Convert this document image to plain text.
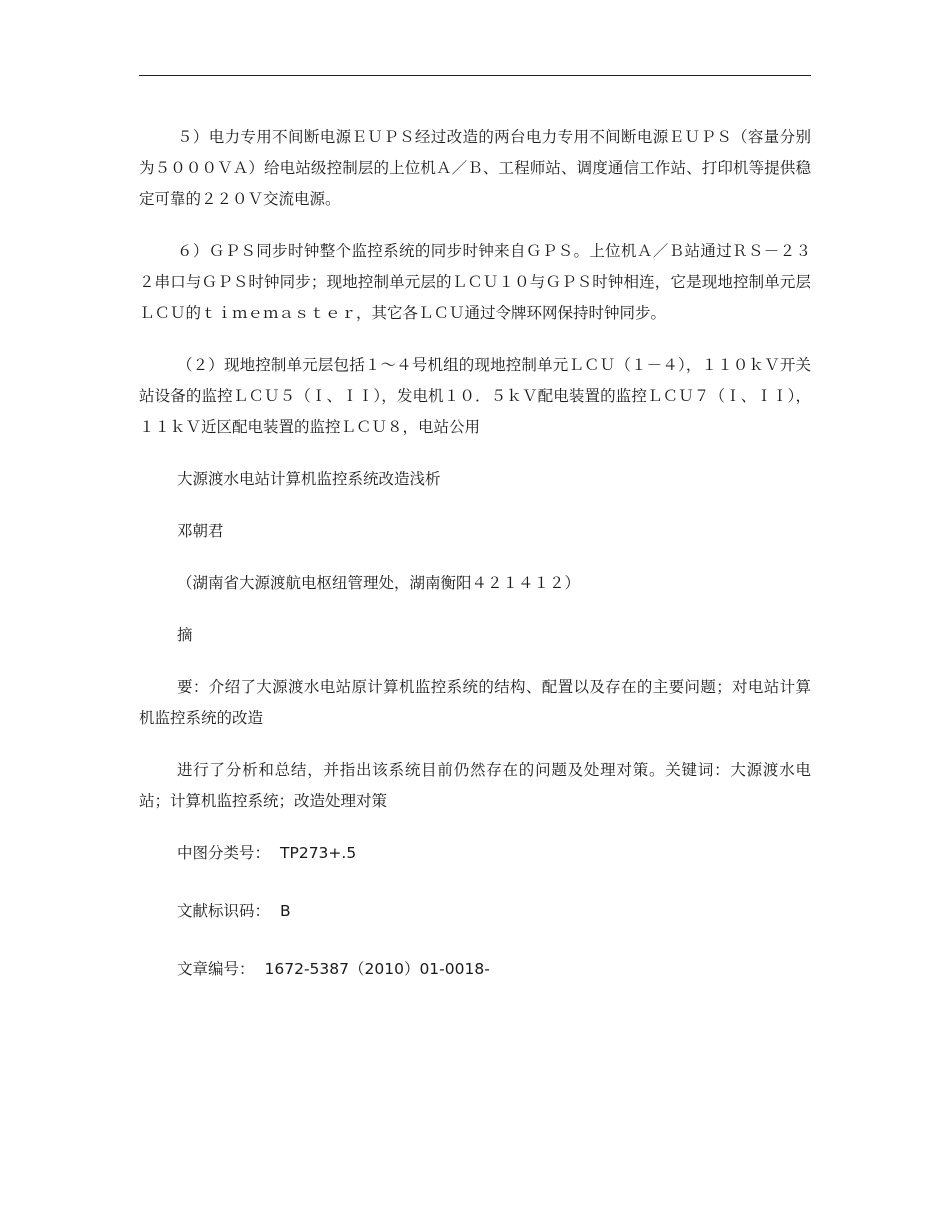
５）电力专用不间断电源ＥＵＰＳ经过改造的两台电力专用不间断电源ＥＵＰＳ（容量分别为５０００ＶＡ）给电站级控制层的上位机Ａ／Ｂ、工程师站、调度通信工作站、打印机等提供稳定可靠的２２０Ｖ交流电源。

６）ＧＰＳ同步时钟整个监控系统的同步时钟来自ＧＰＳ。上位机Ａ／Ｂ站通过ＲＳ－２３２串口与ＧＰＳ时钟同步；现地控制单元层的ＬＣＵ１０与ＧＰＳ时钟相连，它是现地控制单元层ＬＣＵ的ｔｉｍｅｍａｓｔｅｒ，其它各ＬＣＵ通过令牌环网保持时钟同步。

（２）现地控制单元层包括１～４号机组的现地控制单元ＬＣＵ（１－４），１１０ｋＶ开关站设备的监控ＬＣＵ５（Ｉ、ＩＩ），发电机１０．５ｋＶ配电装置的监控ＬＣＵ７（Ｉ、ＩＩ），１１ｋＶ近区配电装置的监控ＬＣＵ８，电站公用

大源渡水电站计算机监控系统改造浅析

邓朝君

（湖南省大源渡航电枢纽管理处，湖南衡阳４２１４１２）

摘

要：介绍了大源渡水电站原计算机监控系统的结构、配置以及存在的主要问题；对电站计算机监控系统的改造

进行了分析和总结，并指出该系统目前仍然存在的问题及处理对策。关键词：大源渡水电站；计算机监控系统；改造处理对策

中图分类号： TP273+.5

文献标识码： B

文章编号： 1672-5387（2010）01-0018-
